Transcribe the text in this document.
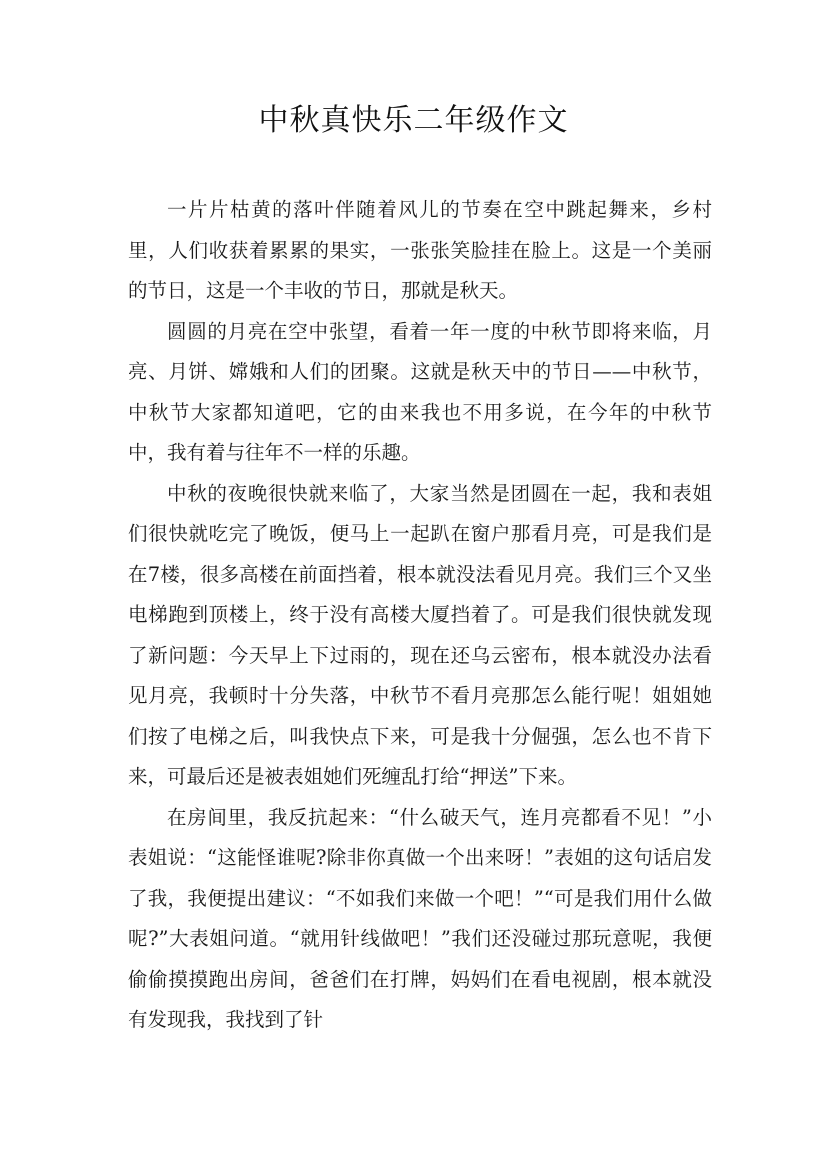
中秋真快乐二年级作文

一片片枯黄的落叶伴随着风儿的节奏在空中跳起舞来，乡村里，人们收获着累累的果实，一张张笑脸挂在脸上。这是一个美丽的节日，这是一个丰收的节日，那就是秋天。

圆圆的月亮在空中张望，看着一年一度的中秋节即将来临，月亮、月饼、嫦娥和人们的团聚。这就是秋天中的节日——中秋节，中秋节大家都知道吧，它的由来我也不用多说，在今年的中秋节中，我有着与往年不一样的乐趣。

中秋的夜晚很快就来临了，大家当然是团圆在一起，我和表姐们很快就吃完了晚饭，便马上一起趴在窗户那看月亮，可是我们是在7楼，很多高楼在前面挡着，根本就没法看见月亮。我们三个又坐电梯跑到顶楼上，终于没有高楼大厦挡着了。可是我们很快就发现了新问题：今天早上下过雨的，现在还乌云密布，根本就没办法看见月亮，我顿时十分失落，中秋节不看月亮那怎么能行呢！姐姐她们按了电梯之后，叫我快点下来，可是我十分倔强，怎么也不肯下来，可最后还是被表姐她们死缠乱打给“押送”下来。

在房间里，我反抗起来：“什么破天气，连月亮都看不见！”小表姐说：“这能怪谁呢?除非你真做一个出来呀！”表姐的这句话启发了我，我便提出建议：“不如我们来做一个吧！”“可是我们用什么做呢?”大表姐问道。“就用针线做吧！”我们还没碰过那玩意呢，我便偷偷摸摸跑出房间，爸爸们在打牌，妈妈们在看电视剧，根本就没有发现我，我找到了针
